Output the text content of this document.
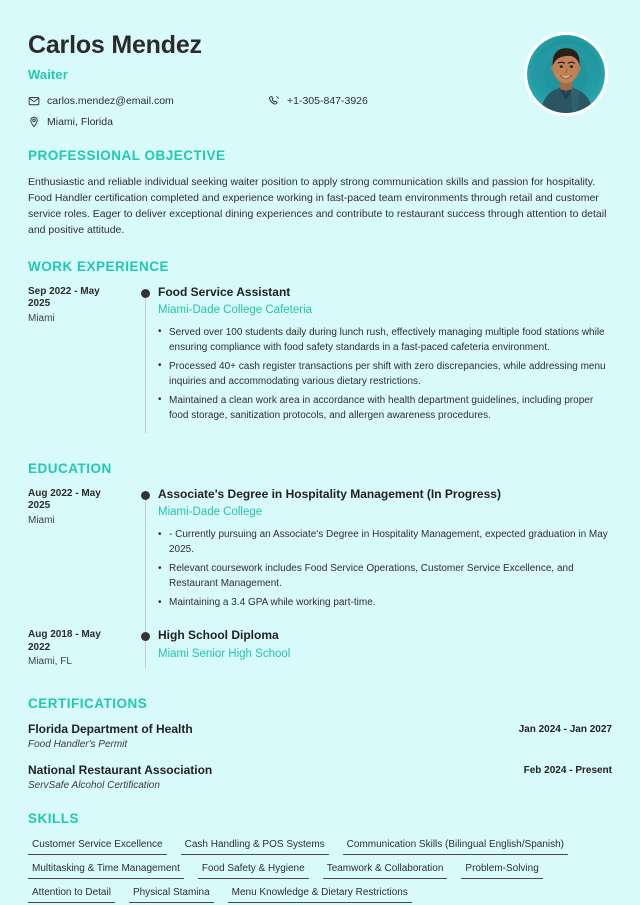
Carlos Mendez
Waiter
carlos.mendez@email.com	+1-305-847-3926
Miami, Florida
PROFESSIONAL OBJECTIVE
Enthusiastic and reliable individual seeking waiter position to apply strong communication skills and passion for hospitality. Food Handler certification completed and experience working in fast-paced team environments through retail and customer service roles. Eager to deliver exceptional dining experiences and contribute to restaurant success through attention to detail and positive attitude.
WORK EXPERIENCE
Sep 2022 - May 2025
Miami
Food Service Assistant
Miami-Dade College Cafeteria
• Served over 100 students daily during lunch rush, effectively managing multiple food stations while ensuring compliance with food safety standards in a fast-paced cafeteria environment.
• Processed 40+ cash register transactions per shift with zero discrepancies, while addressing menu inquiries and accommodating various dietary restrictions.
• Maintained a clean work area in accordance with health department guidelines, including proper food storage, sanitization protocols, and allergen awareness procedures.
EDUCATION
Aug 2022 - May 2025
Miami
Associate's Degree in Hospitality Management (In Progress)
Miami-Dade College
• - Currently pursuing an Associate's Degree in Hospitality Management, expected graduation in May 2025.
• Relevant coursework includes Food Service Operations, Customer Service Excellence, and Restaurant Management.
• Maintaining a 3.4 GPA while working part-time.
Aug 2018 - May 2022
Miami, FL
High School Diploma
Miami Senior High School
CERTIFICATIONS
Florida Department of Health
Food Handler's Permit
Jan 2024 - Jan 2027
National Restaurant Association
ServSafe Alcohol Certification
Feb 2024 - Present
SKILLS
Customer Service Excellence	Cash Handling & POS Systems	Communication Skills (Bilingual English/Spanish)
Multitasking & Time Management	Food Safety & Hygiene	Teamwork & Collaboration	Problem-Solving
Attention to Detail	Physical Stamina	Menu Knowledge & Dietary Restrictions
